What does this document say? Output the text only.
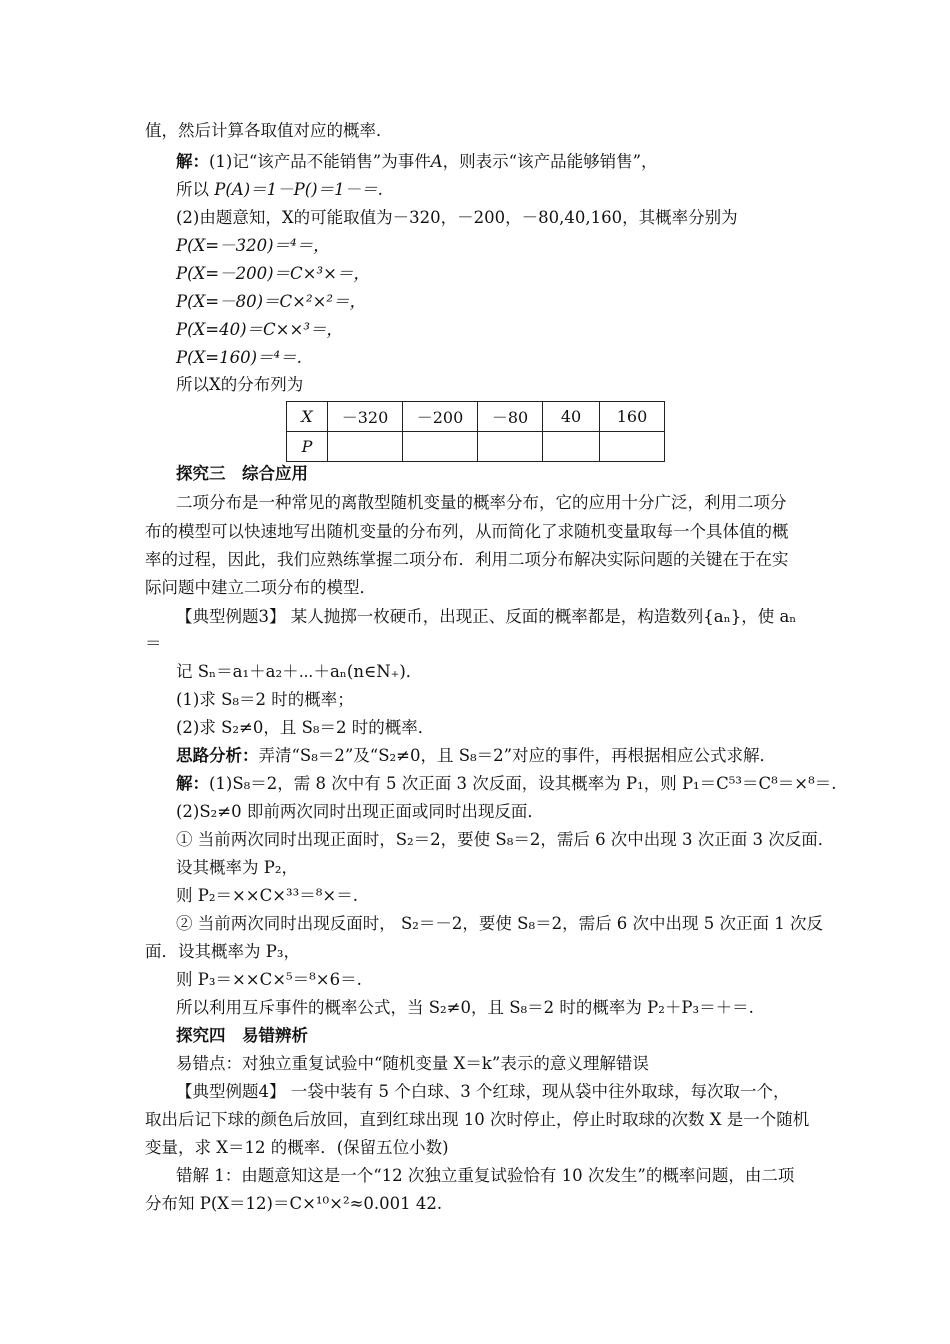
值，然后计算各取值对应的概率．
解：(1)记“该产品不能销售”为事件A，则表示“该产品能够销售”，
所以 P(A)＝1－P()＝1－＝.
(2)由题意知，X的可能取值为－320，－200，－80,40,160，其概率分别为
P(X=－320)＝⁴＝，
P(X=－200)＝C×³×＝，
P(X=－80)＝C×²×²＝，
P(X=40)＝C××³＝，
P(X=160)＝⁴＝.
所以X的分布列为
X	－320	－200	－80	40	160
P					
探究三　综合应用
二项分布是一种常见的离散型随机变量的概率分布，它的应用十分广泛，利用二项分
布的模型可以快速地写出随机变量的分布列，从而简化了求随机变量取每一个具体值的概
率的过程，因此，我们应熟练掌握二项分布．利用二项分布解决实际问题的关键在于在实
际问题中建立二项分布的模型．
【典型例题3】 某人抛掷一枚硬币，出现正、反面的概率都是，构造数列{aₙ}，使 aₙ
＝
记 Sₙ＝a₁＋a₂＋⋯＋aₙ(n∈N₊)．
(1)求 S₈＝2 时的概率；
(2)求 S₂≠0，且 S₈＝2 时的概率．
思路分析：弄清“S₈＝2”及“S₂≠0，且 S₈＝2”对应的事件，再根据相应公式求解．
解：(1)S₈＝2，需 8 次中有 5 次正面 3 次反面，设其概率为 P₁，则 P₁＝C⁵³＝C⁸＝×⁸＝.
(2)S₂≠0 即前两次同时出现正面或同时出现反面．
① 当前两次同时出现正面时，S₂＝2，要使 S₈＝2，需后 6 次中出现 3 次正面 3 次反面．
设其概率为 P₂，
则 P₂＝××C×³³＝⁸×＝.
② 当前两次同时出现反面时， S₂＝－2，要使 S₈＝2，需后 6 次中出现 5 次正面 1 次反
面．设其概率为 P₃，
则 P₃＝××C×⁵＝⁸×6＝.
所以利用互斥事件的概率公式，当 S₂≠0，且 S₈＝2 时的概率为 P₂＋P₃＝＋＝.
探究四　易错辨析
易错点：对独立重复试验中“随机变量 X＝k”表示的意义理解错误
【典型例题4】 一袋中装有 5 个白球、3 个红球，现从袋中往外取球，每次取一个，
取出后记下球的颜色后放回，直到红球出现 10 次时停止，停止时取球的次数 X 是一个随机
变量，求 X＝12 的概率．(保留五位小数)
错解 1：由题意知这是一个“12 次独立重复试验恰有 10 次发生”的概率问题，由二项
分布知 P(X＝12)＝C×¹⁰×²≈0.001 42.
